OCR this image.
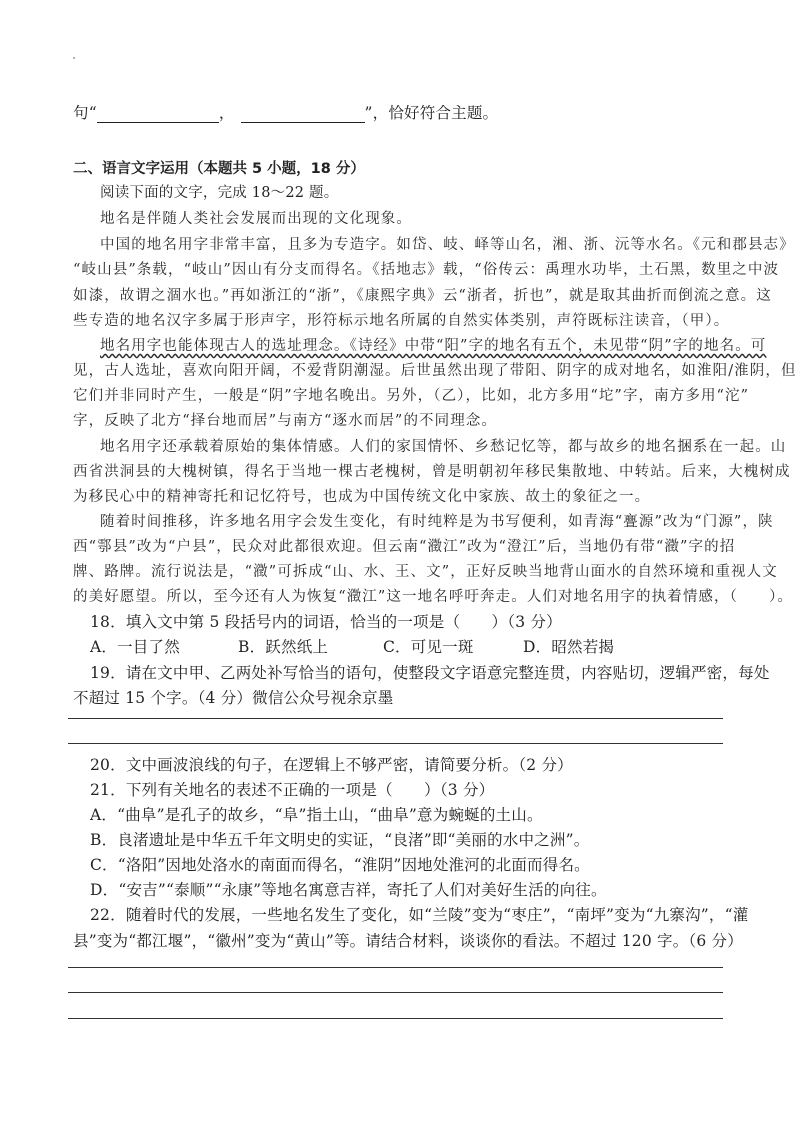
句“	，	”，恰好符合主题。
二、语言文字运用（本题共 5 小题，18 分）
阅读下面的文字，完成 18～22 题。
地名是伴随人类社会发展而出现的文化现象。
中国的地名用字非常丰富，且多为专造字。如岱、岐、峄等山名，湘、浙、沅等水名。《元和郡县志》
“岐山县”条载，“岐山”因山有分支而得名。《括地志》载，“俗传云：禹理水功毕，土石黑，数里之中波
如漆，故谓之涸水也。”再如浙江的“浙”，《康熙字典》云“浙者，折也”，就是取其曲折而倒流之意。这
些专造的地名汉字多属于形声字，形符标示地名所属的自然实体类别，声符既标注读音，（甲）。
地名用字也能体现古人的选址理念。《诗经》中带“阳”字的地名有五个，未见带“阴”字的地名。可
见，古人选址，喜欢向阳开阔，不爱背阴潮湿。后世虽然出现了带阳、阴字的成对地名，如淮阳/淮阴，但
它们并非同时产生，一般是“阴”字地名晚出。另外，（乙），比如，北方多用“坨”字，南方多用“沱”
字，反映了北方“择台地而居”与南方“逐水而居”的不同理念。
地名用字还承载着原始的集体情感。人们的家国情怀、乡愁记忆等，都与故乡的地名捆系在一起。山
西省洪洞县的大槐树镇，得名于当地一棵古老槐树，曾是明朝初年移民集散地、中转站。后来，大槐树成
为移民心中的精神寄托和记忆符号，也成为中国传统文化中家族、故土的象征之一。
随着时间推移，许多地名用字会发生变化，有时纯粹是为书写便利，如青海“亹源”改为“门源”，陕
西“鄠县”改为“户县”，民众对此都很欢迎。但云南“瀓江”改为“澄江”后，当地仍有带“瀓”字的招
牌、路牌。流行说法是，“瀓”可拆成“山、水、王、文”，正好反映当地背山面水的自然环境和重视人文
的美好愿望。所以，至今还有人为恢复“瀓江”这一地名呼吁奔走。人们对地名用字的执着情感，（　　）。
18．填入文中第 5 段括号内的词语，恰当的一项是（　　）（3 分）
A．一目了然	B．跃然纸上	C．可见一斑	D．昭然若揭
19．请在文中甲、乙两处补写恰当的语句，使整段文字语意完整连贯，内容贴切，逻辑严密，每处
不超过 15 个字。（4 分）微信公众号视余京墨
20．文中画波浪线的句子，在逻辑上不够严密，请简要分析。（2 分）
21．下列有关地名的表述不正确的一项是（　　）（3 分）
A．“曲阜”是孔子的故乡，“阜”指土山，“曲阜”意为蜿蜒的土山。
B．良渚遗址是中华五千年文明史的实证，“良渚”即“美丽的水中之洲”。
C．“洛阳”因地处洛水的南面而得名，“淮阴”因地处淮河的北面而得名。
D．“安吉”“泰顺”“永康”等地名寓意吉祥，寄托了人们对美好生活的向往。
22．随着时代的发展，一些地名发生了变化，如“兰陵”变为“枣庄”，“南坪”变为“九寨沟”，“灌
县”变为“都江堰”，“徽州”变为“黄山”等。请结合材料，谈谈你的看法。不超过 120 字。（6 分）
